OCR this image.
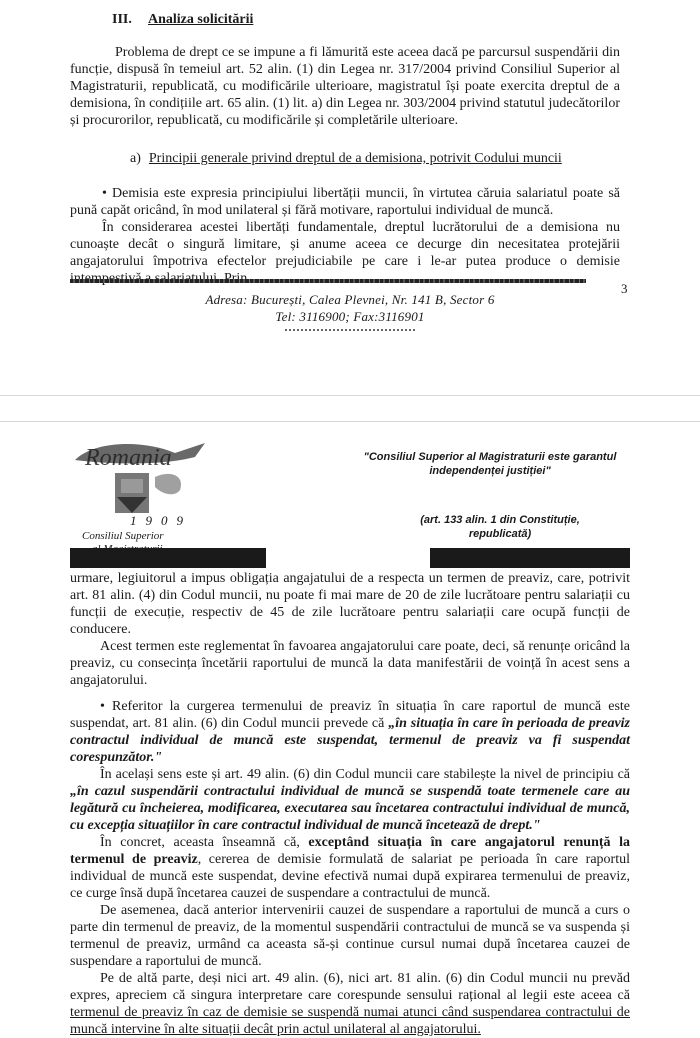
III. Analiza solicitării

Problema de drept ce se impune a fi lămurită este aceea dacă pe parcursul suspendării din funcție, dispusă în temeiul art. 52 alin. (1) din Legea nr. 317/2004 privind Consiliul Superior al Magistraturii, republicată, cu modificările ulterioare, magistratul își poate exercita dreptul de a demisiona, în condițiile art. 65 alin. (1) lit. a) din Legea nr. 303/2004 privind statutul judecătorilor și procurorilor, republicată, cu modificările și completările ulterioare.

a) Principii generale privind dreptul de a demisiona, potrivit Codului muncii

• Demisia este expresia principiului libertății muncii, în virtutea căruia salariatul poate să pună capăt oricând, în mod unilateral și fără motivare, raportului individual de muncă.

În considerarea acestei libertăți fundamentale, dreptul lucrătorului de a demisiona nu cunoaște decât o singură limitare, și anume aceea ce decurge din necesitatea protejării angajatorului împotriva efectelor prejudiciabile pe care i le-ar putea produce o demisie

3
Adresa: București, Calea Plevnei, Nr. 141 B, Sector 6
Tel: 3116900; Fax:3116901
Romania
1909
Consiliul Superior
"Consiliul Superior al Magistraturii este garantul independenței justiției"
(art. 133 alin. 1 din Constituție, republicată)

urmare, legiuitorul a impus obligația angajatului de a respecta un termen de preaviz, care, potrivit art. 81 alin. (4) din Codul muncii, nu poate fi mai mare de 20 de zile lucrătoare pentru salariații cu funcții de execuție, respectiv de 45 de zile lucrătoare pentru salariații care ocupă funcții de conducere.

Acest termen este reglementat în favoarea angajatorului care poate, deci, să renunțe oricând la preaviz, cu consecința încetării raportului de muncă la data manifestării de voință în acest sens a angajatorului.

• Referitor la curgerea termenului de preaviz în situația în care raportul de muncă este suspendat, art. 81 alin. (6) din Codul muncii prevede că „în situația în care în perioada de preaviz contractul individual de muncă este suspendat, termenul de preaviz va fi suspendat corespunzător."

În același sens este și art. 49 alin. (6) din Codul muncii care stabilește la nivel de principiu că „în cazul suspendării contractului individual de muncă se suspendă toate termenele care au legătură cu încheierea, modificarea, executarea sau încetarea contractului individual de muncă, cu excepția situațiilor în care contractul individual de muncă încetează de drept."

În concret, aceasta înseamnă că, exceptând situația în care angajatorul renunță la termenul de preaviz, cererea de demisie formulată de salariat pe perioada în care raportul individual de muncă este suspendat, devine efectivă numai după expirarea termenului de preaviz, ce curge însă după încetarea cauzei de suspendare a contractului de muncă.

De asemenea, dacă anterior intervenirii cauzei de suspendare a raportului de muncă a curs o parte din termenul de preaviz, de la momentul suspendării contractului de muncă se va suspenda și termenul de preaviz, urmând ca aceasta să-și continue cursul numai după încetarea cauzei de suspendare a raportului de muncă.

Pe de altă parte, deși nici art. 49 alin. (6), nici art. 81 alin. (6) din Codul muncii nu prevăd expres, apreciem că singura interpretare care corespunde sensului rațional al legii este aceea că termenul de preaviz în caz de demisie se suspendă numai atunci când suspendarea contractului de muncă intervine în alte situații decât prin actul unilateral al angajatorului.
